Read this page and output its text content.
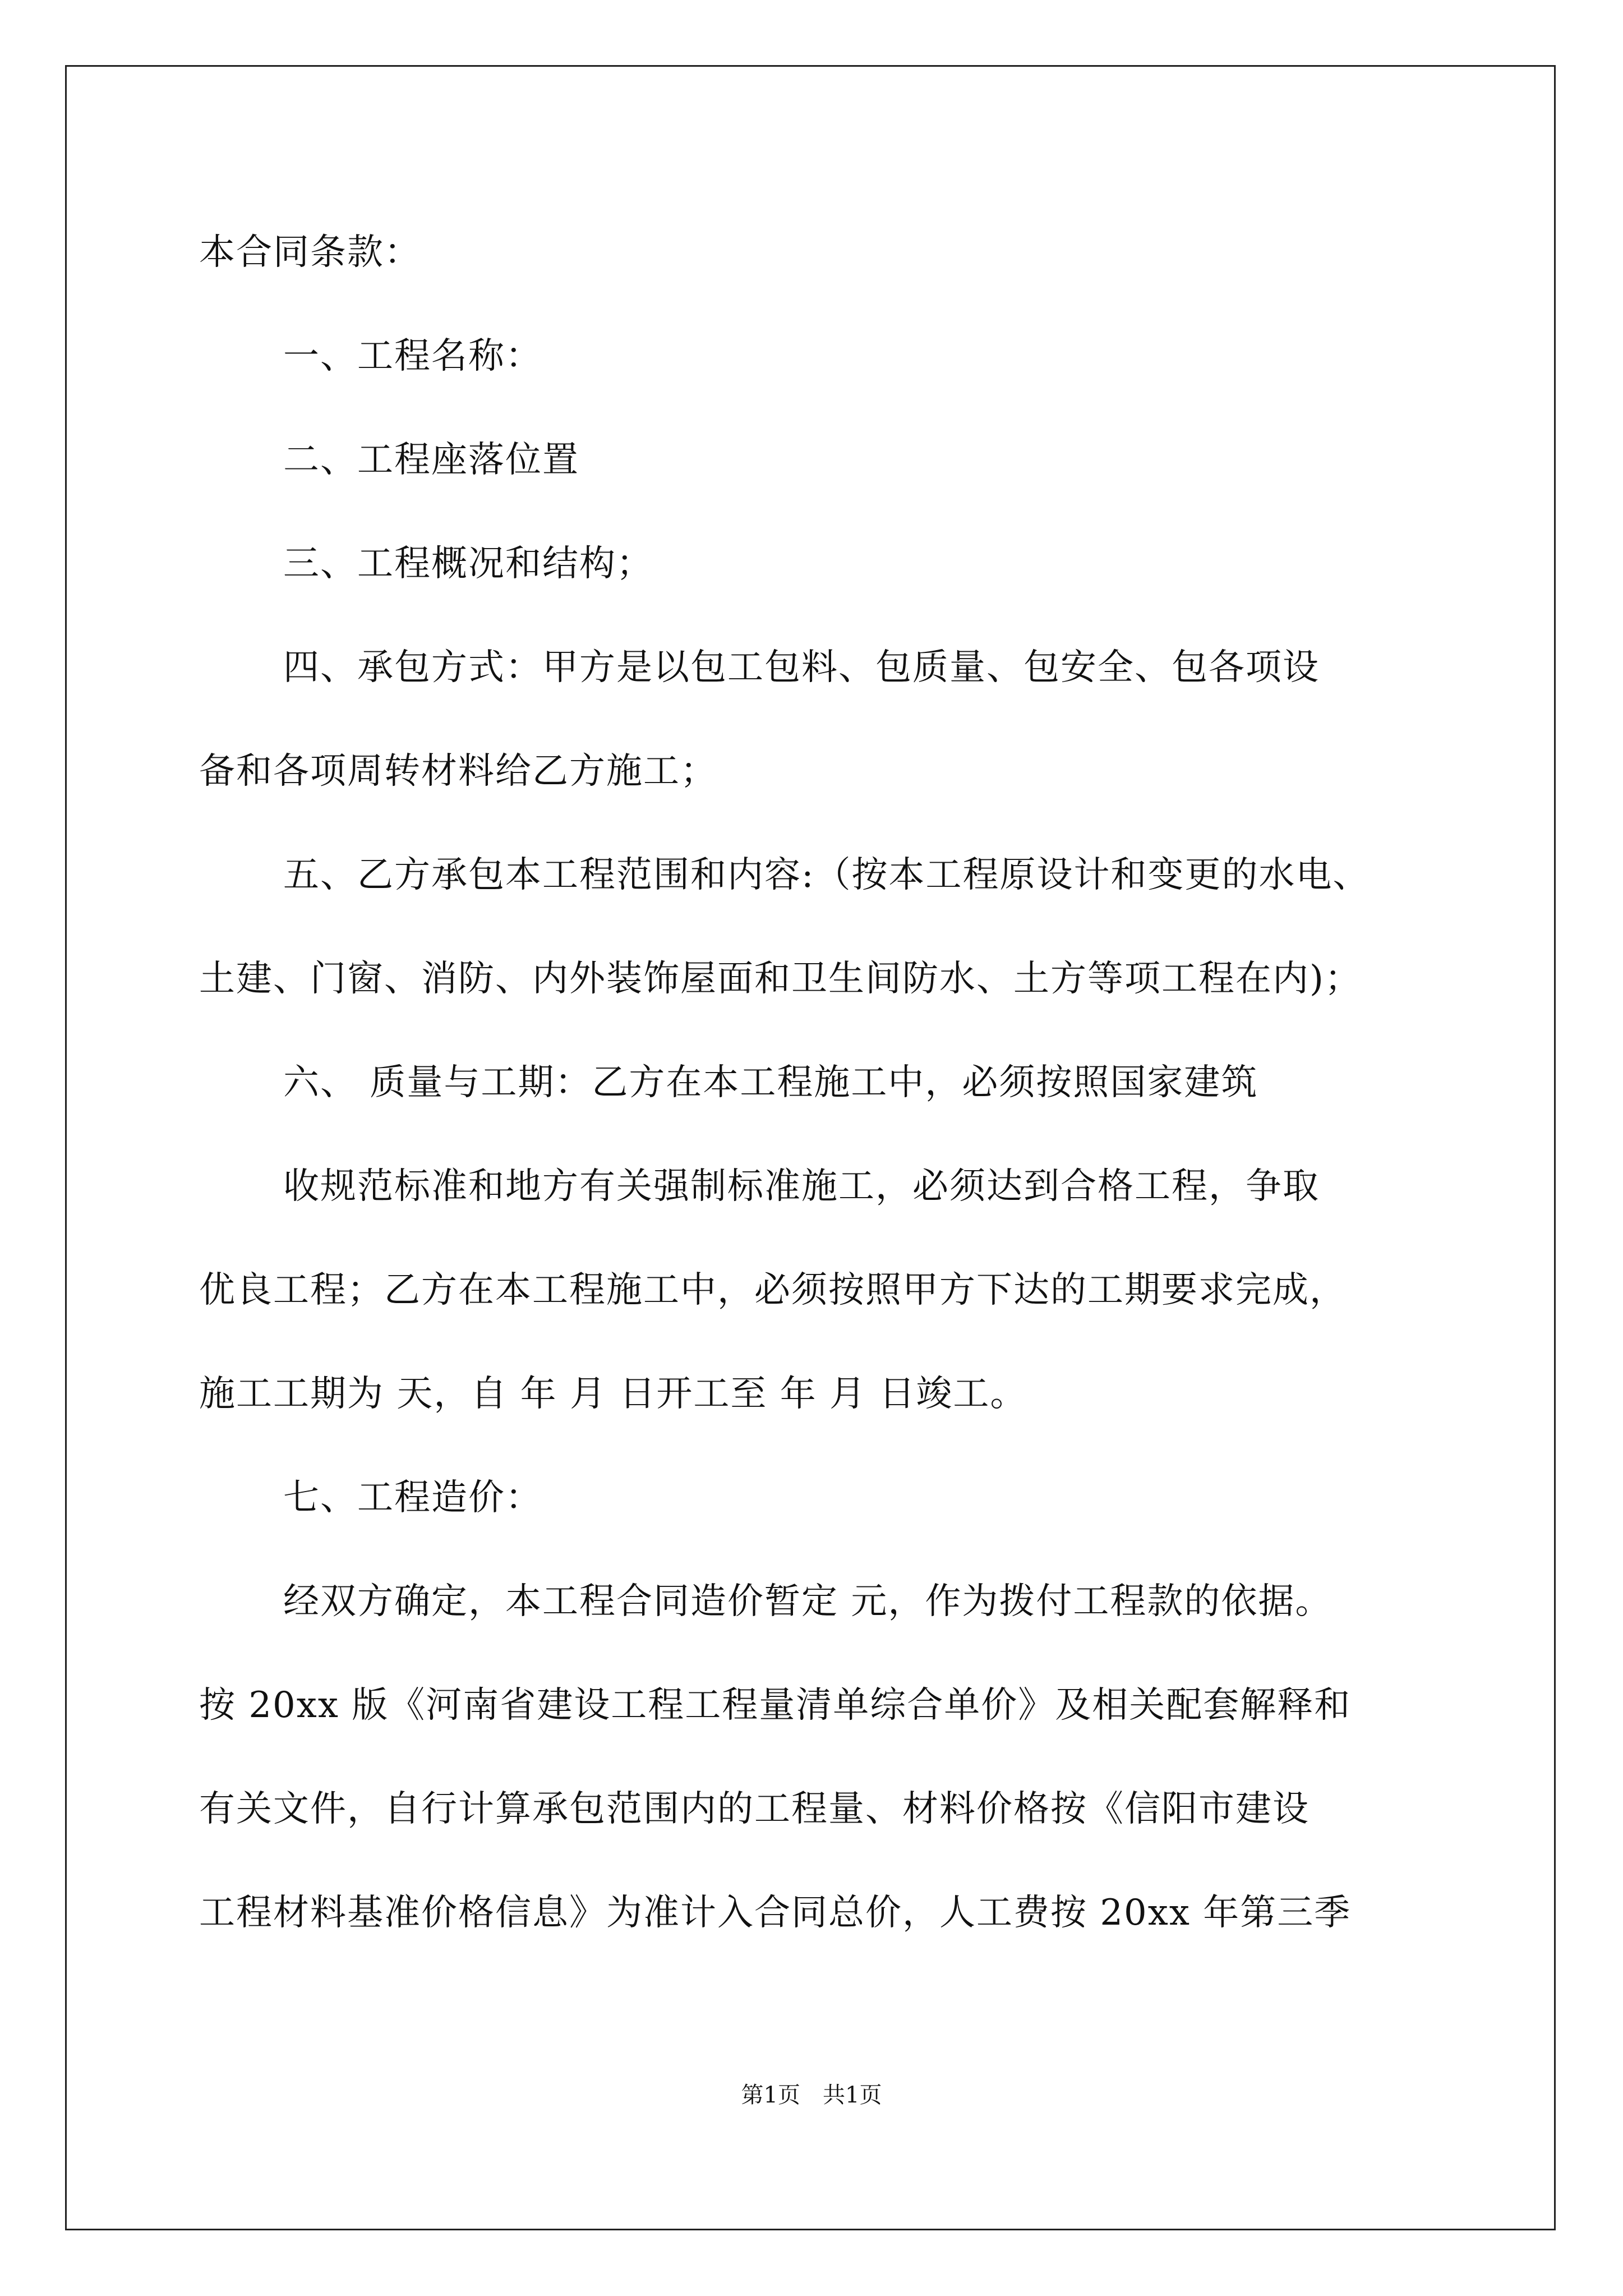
本合同条款：
一、工程名称：
二、工程座落位置
三、工程概况和结构；
四、承包方式：甲方是以包工包料、包质量、包安全、包各项设
备和各项周转材料给乙方施工；
五、乙方承包本工程范围和内容:（按本工程原设计和变更的水电、
土建、门窗、消防、内外装饰屋面和卫生间防水、土方等项工程在内)；
六、 质量与工期：乙方在本工程施工中，必须按照国家建筑
收规范标准和地方有关强制标准施工，必须达到合格工程，争取
优良工程；乙方在本工程施工中，必须按照甲方下达的工期要求完成，
施工工期为 天，自 年 月 日开工至 年 月 日竣工。
七、工程造价：
经双方确定，本工程合同造价暂定 元，作为拨付工程款的依据。
按 20xx 版《河南省建设工程工程量清单综合单价》及相关配套解释和
有关文件，自行计算承包范围内的工程量、材料价格按《信阳市建设
工程材料基准价格信息》为准计入合同总价，人工费按 20xx 年第三季
第1页　共1页
